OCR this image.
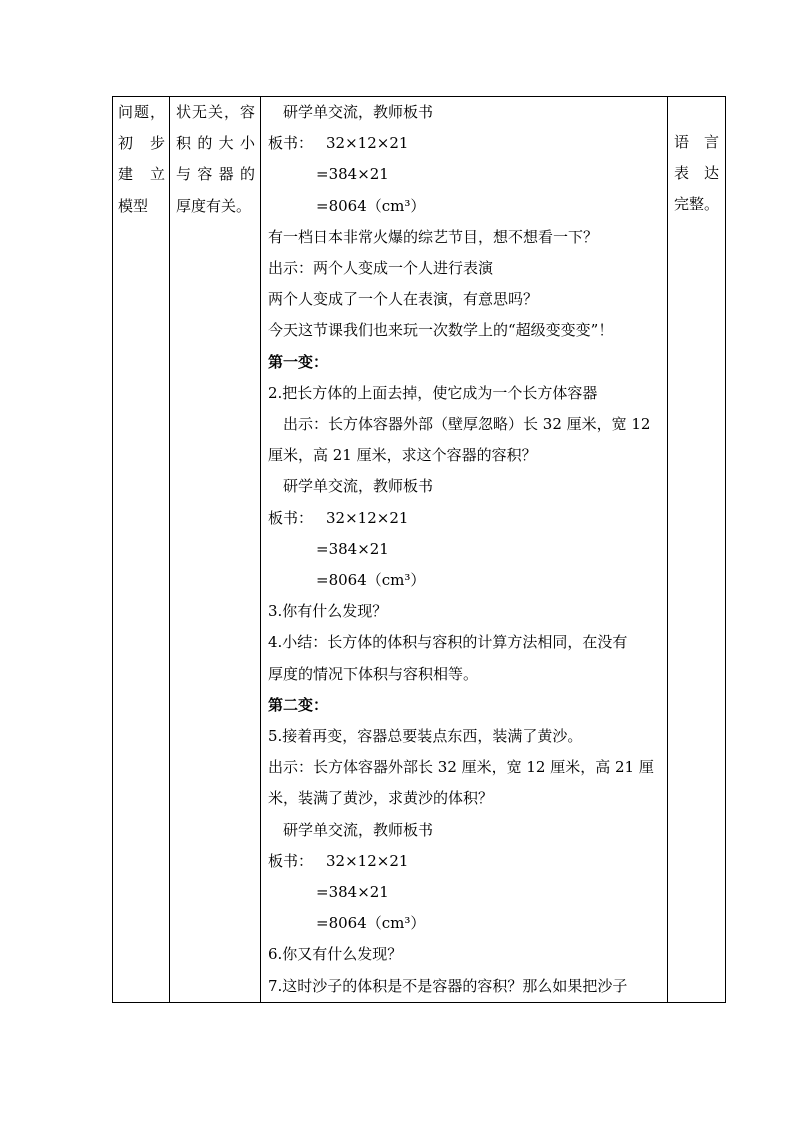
问题，
初 步
建 立
模型

状无关，容
积的大小
与容器的
厚度有关。

研学单交流，教师板书
板书： 32×12×21
=384×21
=8064（cm³）
有一档日本非常火爆的综艺节目，想不想看一下？
出示：两个人变成一个人进行表演
两个人变成了一个人在表演，有意思吗？
今天这节课我们也来玩一次数学上的“超级变变变”！
第一变：
2.把长方体的上面去掉，使它成为一个长方体容器
出示：长方体容器外部（壁厚忽略）长 32 厘米，宽 12
厘米，高 21 厘米，求这个容器的容积？
研学单交流，教师板书
板书： 32×12×21
=384×21
=8064（cm³）
3.你有什么发现？
4.小结：长方体的体积与容积的计算方法相同，在没有
厚度的情况下体积与容积相等。
第二变：
5.接着再变，容器总要装点东西，装满了黄沙。
出示：长方体容器外部长 32 厘米，宽 12 厘米，高 21 厘
米，装满了黄沙，求黄沙的体积？
研学单交流，教师板书
板书： 32×12×21
=384×21
=8064（cm³）
6.你又有什么发现？
7.这时沙子的体积是不是容器的容积？那么如果把沙子

语 言
表 达
完整。
